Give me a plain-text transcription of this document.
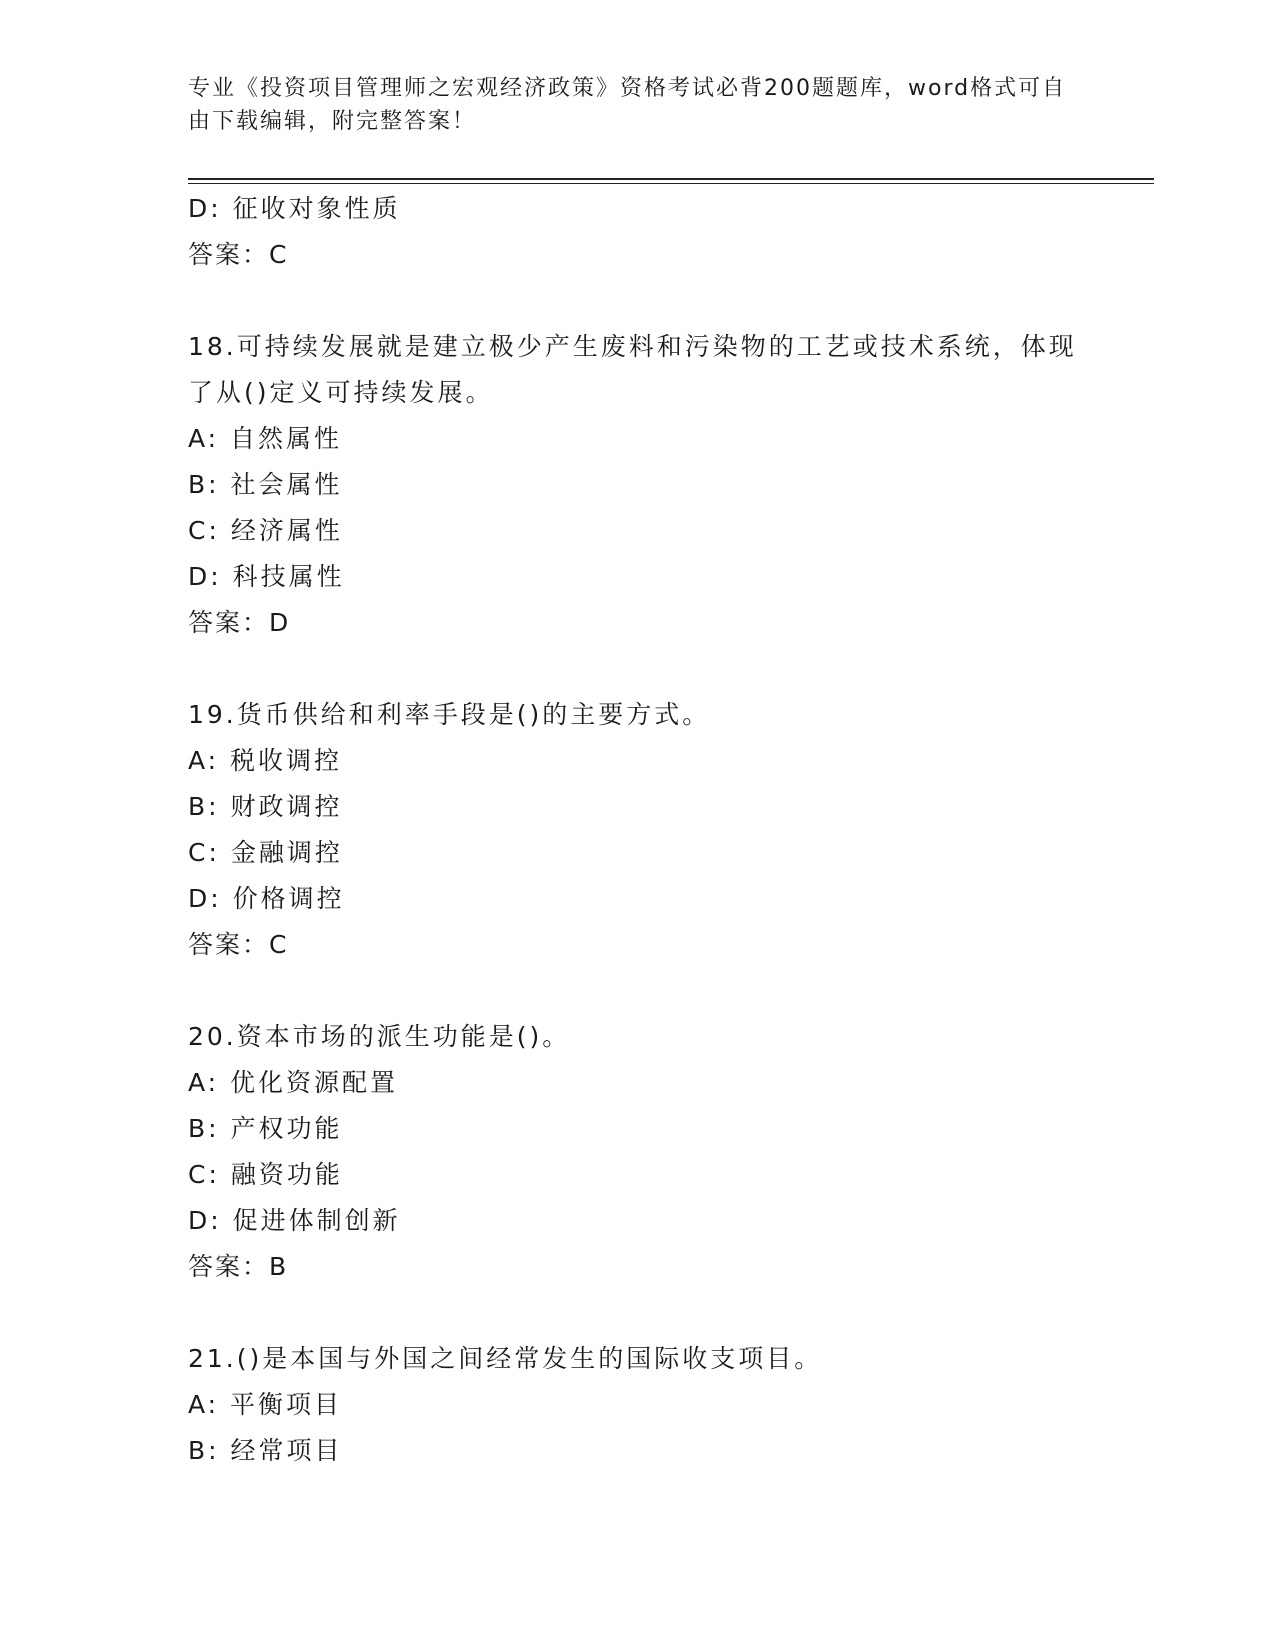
专业《投资项目管理师之宏观经济政策》资格考试必背200题题库，word格式可自由下载编辑，附完整答案！
D: 征收对象性质
答案：C
18.可持续发展就是建立极少产生废料和污染物的工艺或技术系统，体现了从()定义可持续发展。
A: 自然属性
B: 社会属性
C: 经济属性
D: 科技属性
答案：D
19.货币供给和利率手段是()的主要方式。
A: 税收调控
B: 财政调控
C: 金融调控
D: 价格调控
答案：C
20.资本市场的派生功能是()。
A: 优化资源配置
B: 产权功能
C: 融资功能
D: 促进体制创新
答案：B
21.()是本国与外国之间经常发生的国际收支项目。
A: 平衡项目
B: 经常项目
